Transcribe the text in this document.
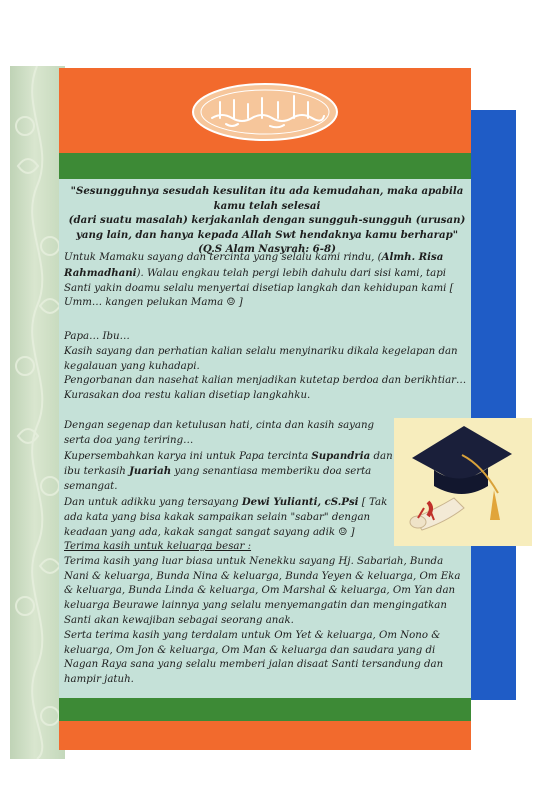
"Sesungguhnya sesudah kesulitan itu ada kemudahan, maka apabila kamu telah selesai
(dari suatu masalah) kerjakanlah dengan sungguh-sungguh (urusan)
yang lain, dan hanya kepada Allah Swt hendaknya kamu berharap"
(Q.S Alam Nasyrah: 6-8)

Untuk Mamaku sayang dan tercinta yang selalu kami rindu, (Almh. Risa Rahmadhani). Walau engkau telah pergi lebih dahulu dari sisi kami, tapi Santi yakin doamu selalu menyertai disetiap langkah dan kehidupan kami [ Umm… kangen pelukan Mama ☺ ]

Papa… Ibu…

Kasih sayang dan perhatian kalian selalu menyinariku dikala kegelapan dan kegalauan yang kuhadapi.

Pengorbanan dan nasehat kalian menjadikan kutetap berdoa dan berikhtiar…

Kurasakan doa restu kalian disetiap langkahku.

Dengan segenap dan ketulusan hati, cinta dan kasih sayang serta doa yang teriring…

Kupersembahkan karya ini untuk Papa tercinta Supandria dan ibu terkasih Juariah yang senantiasa memberiku doa serta semangat.

Dan untuk adikku yang tersayang Dewi Yulianti, cS.Psi [ Tak ada kata yang bisa kakak sampaikan selain "sabar" dengan keadaan yang ada, kakak sangat sangat sayang adik ☺ ]

Terima kasih untuk keluarga besar :

Terima kasih yang luar biasa untuk Nenekku sayang Hj. Sabariah, Bunda Nani & keluarga, Bunda Nina & keluarga, Bunda Yeyen & keluarga, Om Eka & keluarga, Bunda Linda & keluarga, Om Marshal & keluarga, Om Yan dan keluarga Beurawe lainnya yang selalu menyemangatin dan mengingatkan Santi akan kewajiban sebagai seorang anak.

Serta terima kasih yang terdalam untuk Om Yet & keluarga, Om Nono & keluarga, Om Jon & keluarga, Om Man & keluarga dan saudara yang di Nagan Raya sana yang selalu memberi jalan disaat Santi tersandung dan hampir jatuh.
